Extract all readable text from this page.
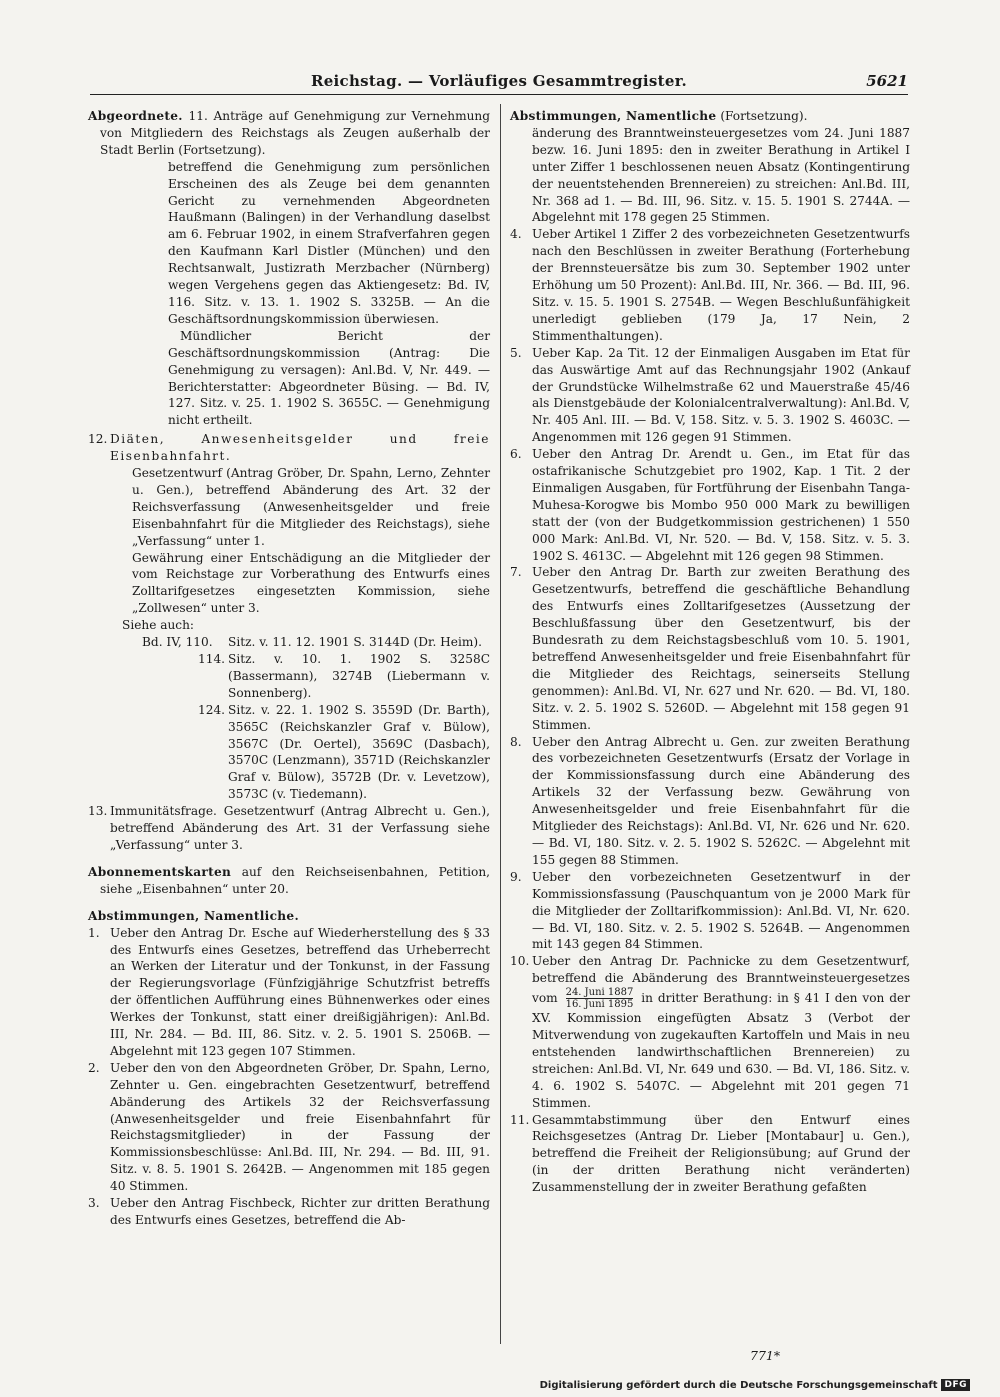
Reichstag. — Vorläufiges Gesammtregister.	5621

Abgeordnete. 11. Anträge auf Genehmigung zur Vernehmung von Mitgliedern des Reichstags als Zeugen außerhalb der Stadt Berlin (Fortsetzung).

betreffend die Genehmigung zum persönlichen Erscheinen des als Zeuge bei dem genannten Gericht zu vernehmenden Abgeordneten Haußmann (Balingen) in der Verhandlung daselbst am 6. Februar 1902, in einem Strafverfahren gegen den Kaufmann Karl Distler (München) und den Rechtsanwalt, Justizrath Merzbacher (Nürnberg) wegen Vergehens gegen das Aktiengesetz: Bd. IV, 116. Sitz. v. 13. 1. 1902 S. 3325B. — An die Geschäftsordnungskommission überwiesen.

Mündlicher Bericht der Geschäftsordnungskommission (Antrag: Die Genehmigung zu versagen): Anl.Bd. V, Nr. 449. — Berichterstatter: Abgeordneter Büsing. — Bd. IV, 127. Sitz. v. 25. 1. 1902 S. 3655C. — Genehmigung nicht ertheilt.

12. Diäten, Anwesenheitsgelder und freie Eisenbahnfahrt.

Gesetzentwurf (Antrag Gröber, Dr. Spahn, Lerno, Zehnter u. Gen.), betreffend Abänderung des Art. 32 der Reichsverfassung (Anwesenheitsgelder und freie Eisenbahnfahrt für die Mitglieder des Reichstags), siehe „Verfassung“ unter 1.

Gewährung einer Entschädigung an die Mitglieder der vom Reichstage zur Vorberathung des Entwurfs eines Zolltarifgesetzes eingesetzten Kommission, siehe „Zollwesen“ unter 3.

Siehe auch:

Bd. IV, 110. Sitz. v. 11. 12. 1901 S. 3144D (Dr. Heim).
114. Sitz. v. 10. 1. 1902 S. 3258C (Bassermann), 3274B (Liebermann v. Sonnenberg).
124. Sitz. v. 22. 1. 1902 S. 3559D (Dr. Barth), 3565C (Reichskanzler Graf v. Bülow), 3567C (Dr. Oertel), 3569C (Dasbach), 3570C (Lenzmann), 3571D (Reichskanzler Graf v. Bülow), 3572B (Dr. v. Levetzow), 3573C (v. Tiedemann).
13. Immunitätsfrage. Gesetzentwurf (Antrag Albrecht u. Gen.), betreffend Abänderung des Art. 31 der Verfassung siehe „Verfassung“ unter 3.

Abonnementskarten auf den Reichseisenbahnen, Petition, siehe „Eisenbahnen“ unter 20.

Abstimmungen, Namentliche.

1. Ueber den Antrag Dr. Esche auf Wiederherstellung des § 33 des Entwurfs eines Gesetzes, betreffend das Urheberrecht an Werken der Literatur und der Tonkunst, in der Fassung der Regierungsvorlage (Fünfzigjährige Schutzfrist betreffs der öffentlichen Aufführung eines Bühnenwerkes oder eines Werkes der Tonkunst, statt einer dreißigjährigen): Anl.Bd. III, Nr. 284. — Bd. III, 86. Sitz. v. 2. 5. 1901 S. 2506B. — Abgelehnt mit 123 gegen 107 Stimmen.
2. Ueber den von den Abgeordneten Gröber, Dr. Spahn, Lerno, Zehnter u. Gen. eingebrachten Gesetzentwurf, betreffend Abänderung des Artikels 32 der Reichsverfassung (Anwesenheitsgelder und freie Eisenbahnfahrt für Reichstagsmitglieder) in der Fassung der Kommissionsbeschlüsse: Anl.Bd. III, Nr. 294. — Bd. III, 91. Sitz. v. 8. 5. 1901 S. 2642B. — Angenommen mit 185 gegen 40 Stimmen.
3. Ueber den Antrag Fischbeck, Richter zur dritten Berathung des Entwurfs eines Gesetzes, betreffend die Ab-

Abstimmungen, Namentliche (Fortsetzung).

änderung des Branntweinsteuergesetzes vom 24. Juni 1887 bezw. 16. Juni 1895: den in zweiter Berathung in Artikel I unter Ziffer 1 beschlossenen neuen Absatz (Kontingentirung der neuentstehenden Brennereien) zu streichen: Anl.Bd. III, Nr. 368 ad 1. — Bd. III, 96. Sitz. v. 15. 5. 1901 S. 2744A. — Abgelehnt mit 178 gegen 25 Stimmen.

4. Ueber Artikel 1 Ziffer 2 des vorbezeichneten Gesetzentwurfs nach den Beschlüssen in zweiter Berathung (Forterhebung der Brennsteuersätze bis zum 30. September 1902 unter Erhöhung um 50 Prozent): Anl.Bd. III, Nr. 366. — Bd. III, 96. Sitz. v. 15. 5. 1901 S. 2754B. — Wegen Beschlußunfähigkeit unerledigt geblieben (179 Ja, 17 Nein, 2 Stimmenthaltungen).
5. Ueber Kap. 2a Tit. 12 der Einmaligen Ausgaben im Etat für das Auswärtige Amt auf das Rechnungsjahr 1902 (Ankauf der Grundstücke Wilhelmstraße 62 und Mauerstraße 45/46 als Dienstgebäude der Kolonialcentralverwaltung): Anl.Bd. V, Nr. 405 Anl. III. — Bd. V, 158. Sitz. v. 5. 3. 1902 S. 4603C. — Angenommen mit 126 gegen 91 Stimmen.
6. Ueber den Antrag Dr. Arendt u. Gen., im Etat für das ostafrikanische Schutzgebiet pro 1902, Kap. 1 Tit. 2 der Einmaligen Ausgaben, für Fortführung der Eisenbahn Tanga-Muhesa-Korogwe bis Mombo 950 000 Mark zu bewilligen statt der (von der Budgetkommission gestrichenen) 1 550 000 Mark: Anl.Bd. VI, Nr. 520. — Bd. V, 158. Sitz. v. 5. 3. 1902 S. 4613C. — Abgelehnt mit 126 gegen 98 Stimmen.
7. Ueber den Antrag Dr. Barth zur zweiten Berathung des Gesetzentwurfs, betreffend die geschäftliche Behandlung des Entwurfs eines Zolltarifgesetzes (Aussetzung der Beschlußfassung über den Gesetzentwurf, bis der Bundesrath zu dem Reichstagsbeschluß vom 10. 5. 1901, betreffend Anwesenheitsgelder und freie Eisenbahnfahrt für die Mitglieder des Reichtags, seinerseits Stellung genommen): Anl.Bd. VI, Nr. 627 und Nr. 620. — Bd. VI, 180. Sitz. v. 2. 5. 1902 S. 5260D. — Abgelehnt mit 158 gegen 91 Stimmen.
8. Ueber den Antrag Albrecht u. Gen. zur zweiten Berathung des vorbezeichneten Gesetzentwurfs (Ersatz der Vorlage in der Kommissionsfassung durch eine Abänderung des Artikels 32 der Verfassung bezw. Gewährung von Anwesenheitsgelder und freie Eisenbahnfahrt für die Mitglieder des Reichstags): Anl.Bd. VI, Nr. 626 und Nr. 620. — Bd. VI, 180. Sitz. v. 2. 5. 1902 S. 5262C. — Abgelehnt mit 155 gegen 88 Stimmen.
9. Ueber den vorbezeichneten Gesetzentwurf in der Kommissionsfassung (Pauschquantum von je 2000 Mark für die Mitglieder der Zolltarifkommission): Anl.Bd. VI, Nr. 620. — Bd. VI, 180. Sitz. v. 2. 5. 1902 S. 5264B. — Angenommen mit 143 gegen 84 Stimmen.
10. Ueber den Antrag Dr. Pachnicke zu dem Gesetzentwurf, betreffend die Abänderung des Branntweinsteuergesetzes vom $\frac{\text{24. Juni 1887}}{\text{16. Juni 1895}}$ in dritter Berathung: in § 41 I den von der XV. Kommission eingefügten Absatz 3 (Verbot der Mitverwendung von zugekauften Kartoffeln und Mais in neu entstehenden landwirthschaftlichen Brennereien) zu streichen: Anl.Bd. VI, Nr. 649 und 630. — Bd. VI, 186. Sitz. v. 4. 6. 1902 S. 5407C. — Abgelehnt mit 201 gegen 71 Stimmen.
11. Gesammtabstimmung über den Entwurf eines Reichsgesetzes (Antrag Dr. Lieber [Montabaur] u. Gen.), betreffend die Freiheit der Religionsübung; auf Grund der (in der dritten Berathung nicht veränderten) Zusammenstellung der in zweiter Berathung gefaßten
771*
Digitalisierung gefördert durch die Deutsche Forschungsgemeinschaft DFG
